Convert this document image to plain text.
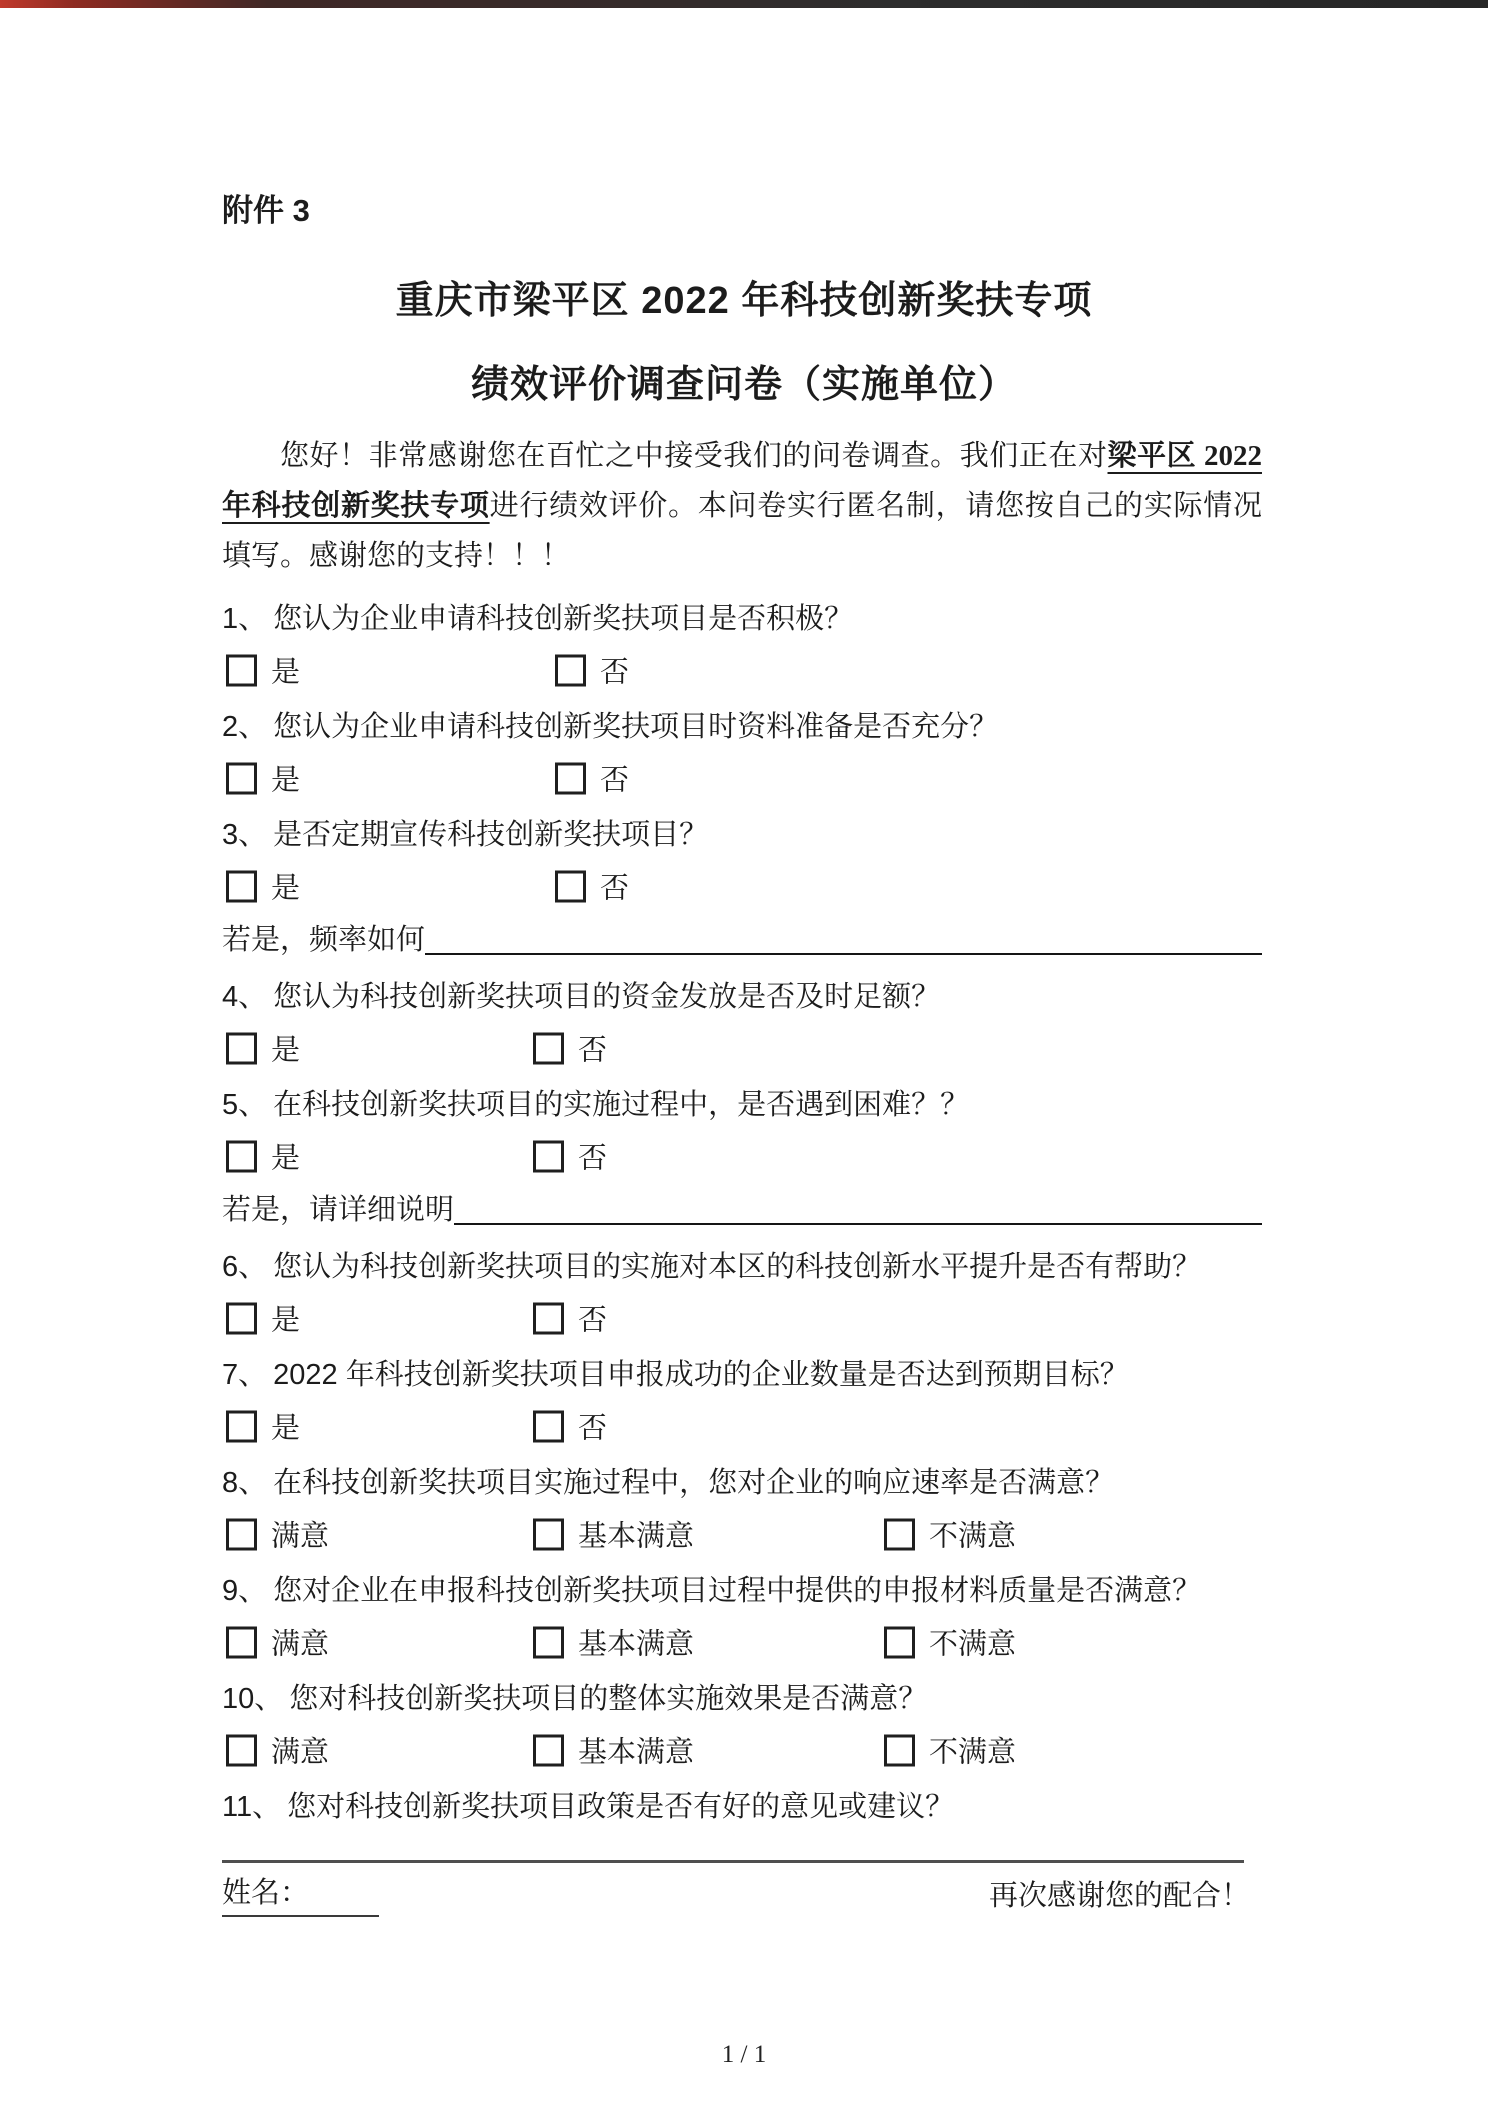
附件 3
重庆市梁平区 2022 年科技创新奖扶专项
绩效评价调查问卷（实施单位）

您好！非常感谢您在百忙之中接受我们的问卷调查。我们正在对梁平区 2022 年科技创新奖扶专项进行绩效评价。本问卷实行匿名制，请您按自己的实际情况填写。感谢您的支持！！！

1、 您认为企业申请科技创新奖扶项目是否积极？
是	否
2、 您认为企业申请科技创新奖扶项目时资料准备是否充分？
是	否
3、 是否定期宣传科技创新奖扶项目？
是	否
若是，频率如何
4、 您认为科技创新奖扶项目的资金发放是否及时足额？
是	否
5、 在科技创新奖扶项目的实施过程中，是否遇到困难？？
是	否
若是，请详细说明
6、 您认为科技创新奖扶项目的实施对本区的科技创新水平提升是否有帮助？
是	否
7、 2022 年科技创新奖扶项目申报成功的企业数量是否达到预期目标？
是	否
8、 在科技创新奖扶项目实施过程中，您对企业的响应速率是否满意？
满意	基本满意	不满意
9、 您对企业在申报科技创新奖扶项目过程中提供的申报材料质量是否满意？
满意	基本满意	不满意
10、 您对科技创新奖扶项目的整体实施效果是否满意？
满意	基本满意	不满意
11、 您对科技创新奖扶项目政策是否有好的意见或建议？
姓名：	再次感谢您的配合！
1 / 1
